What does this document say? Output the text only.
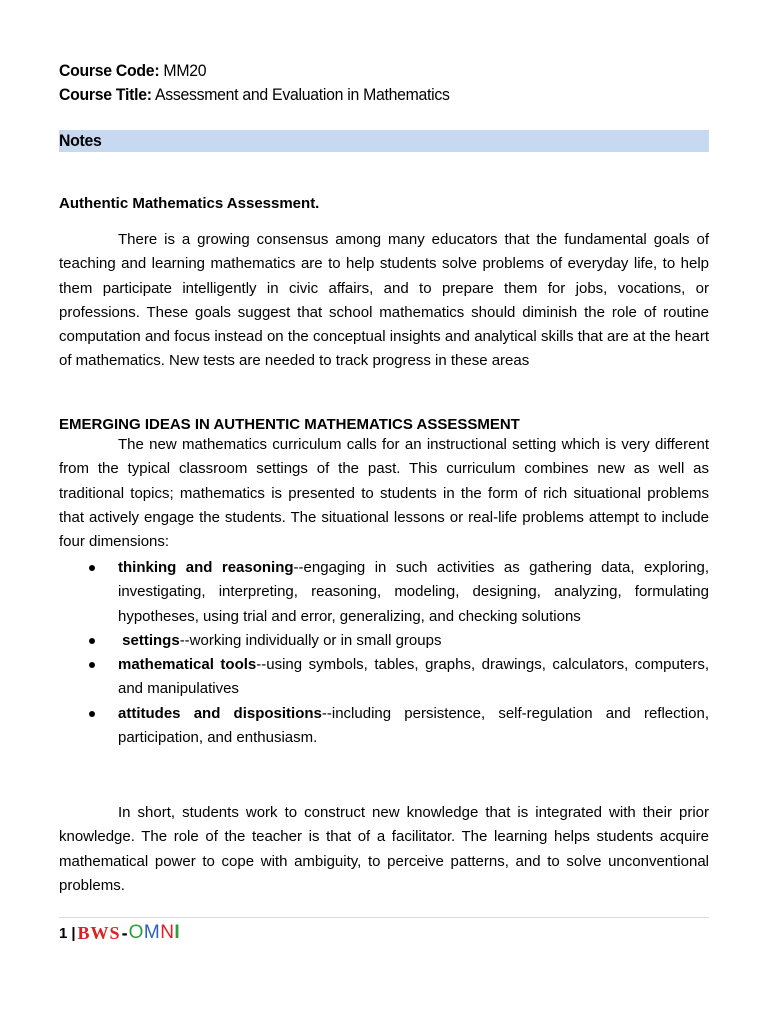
Course Code: MM20
Course Title: Assessment and Evaluation in Mathematics
Notes
Authentic Mathematics Assessment.
There is a growing consensus among many educators that the fundamental goals of teaching and learning mathematics are to help students solve problems of everyday life, to help them participate intelligently in civic affairs, and to prepare them for jobs, vocations, or professions. These goals suggest that school mathematics should diminish the role of routine computation and focus instead on the conceptual insights and analytical skills that are at the heart of mathematics. New tests are needed to track progress in these areas
EMERGING IDEAS IN AUTHENTIC MATHEMATICS ASSESSMENT
The new mathematics curriculum calls for an instructional setting which is very different from the typical classroom settings of the past. This curriculum combines new as well as traditional topics; mathematics is presented to students in the form of rich situational problems that actively engage the students. The situational lessons or real-life problems attempt to include four dimensions:
thinking and reasoning--engaging in such activities as gathering data, exploring, investigating, interpreting, reasoning, modeling, designing, analyzing, formulating hypotheses, using trial and error, generalizing, and checking solutions
settings--working individually or in small groups
mathematical tools--using symbols, tables, graphs, drawings, calculators, computers, and manipulatives
attitudes and dispositions--including persistence, self-regulation and reflection, participation, and enthusiasm.
In short, students work to construct new knowledge that is integrated with their prior knowledge. The role of the teacher is that of a facilitator. The learning helps students acquire mathematical power to cope with ambiguity, to perceive patterns, and to solve unconventional problems.
1 | BWS - OMNI
